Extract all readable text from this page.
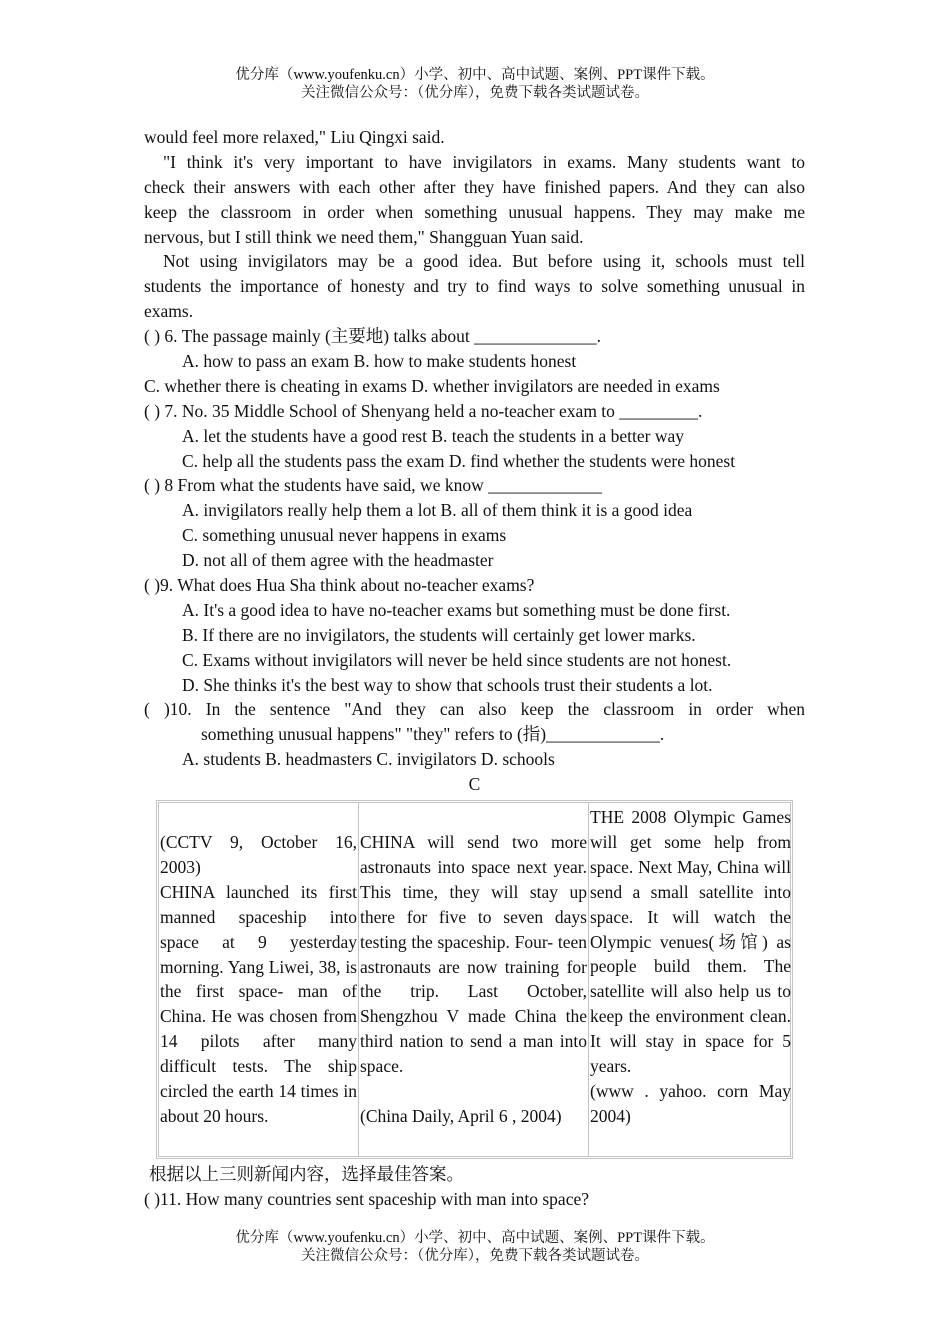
优分库（www.youfenku.cn）小学、初中、高中试题、案例、PPT课件下载。
关注微信公众号：（优分库），免费下载各类试题试卷。
would feel more relaxed," Liu Qingxi said.
"I think it's very important to have invigilators in exams. Many students want to
check their answers with each other after they have finished papers. And they can also
keep the classroom in order when something unusual happens. They may make me
nervous, but I still think we need them," Shangguan Yuan said.
Not using invigilators may be a good idea. But before using it, schools must tell
students the importance of honesty and try to find ways to solve something unusual in
exams.
( ) 6. The passage mainly (主要地) talks about ______________.
A. how to pass an exam B. how to make students honest
C. whether there is cheating in exams D. whether invigilators are needed in exams
( ) 7. No. 35 Middle School of Shenyang held a no-teacher exam to _________.
A. let the students have a good rest B. teach the students in a better way
C. help all the students pass the exam D. find whether the students were honest
( ) 8 From what the students have said, we know _____________
A. invigilators really help them a lot B. all of them think it is a good idea
C. something unusual never happens in exams
D. not all of them agree with the headmaster
( )9. What does Hua Sha think about no-teacher exams?
A. It's a good idea to have no-teacher exams but something must be done first.
B. If there are no invigilators, the students will certainly get lower marks.
C. Exams without invigilators will never be held since students are not honest.
D. She thinks it's the best way to show that schools trust their students a lot.
( )10. In the sentence "And they can also keep the classroom in order when
something unusual happens" "they" refers to (指)_____________.
A. students B. headmasters C. invigilators D. schools
C
(CCTV 9, October 16, 2003)
CHINA launched its first manned spaceship into space at 9 yesterday morning. Yang Liwei, 38, is the first space- man of China. He was chosen from 14 pilots after many difficult tests. The ship circled the earth 14 times in about 20 hours.
CHINA will send two more astronauts into space next year. This time, they will stay up there for five to seven days testing the spaceship. Four- teen astronauts are now training for the trip. Last October, Shengzhou V made China the third nation to send a man into space.
(China Daily, April 6 , 2004)
THE 2008 Olympic Games will get some help from space. Next May, China will send a small satellite into space. It will watch the Olympic venues(场馆) as people build them. The satellite will also help us to keep the environment clean. It will stay in space for 5 years.
(www . yahoo. corn May 2004)
根据以上三则新闻内容，选择最佳答案。
( )11. How many countries sent spaceship with man into space?
优分库（www.youfenku.cn）小学、初中、高中试题、案例、PPT课件下载。
关注微信公众号：（优分库），免费下载各类试题试卷。
